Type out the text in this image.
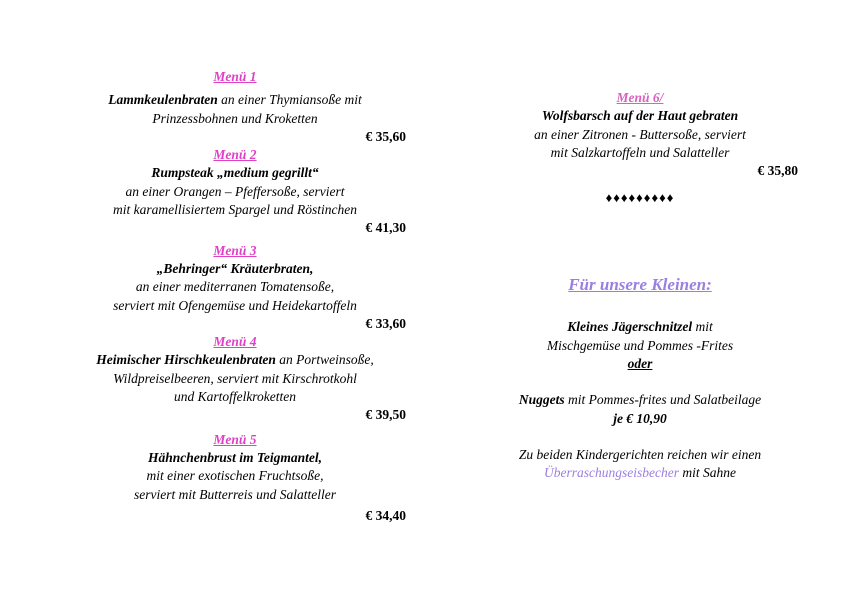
Menü 1
Lammkeulenbraten an einer Thymiansoße mit
Prinzessbohnen und Kroketten
€ 35,60
Menü 2
Rumpsteak „medium gegrillt“
an einer Orangen – Pfeffersoße, serviert
mit karamellisiertem Spargel und Röstinchen
€ 41,30
Menü 3
„Behringer“ Kräuterbraten,
an einer mediterranen Tomatensoße,
serviert mit Ofengemüse und Heidekartoffeln
€ 33,60
Menü 4
Heimischer Hirschkeulenbraten an Portweinsoße,
Wildpreiselbeeren, serviert mit Kirschrotkohl
und Kartoffelkroketten
€ 39,50
Menü 5
Hähnchenbrust im Teigmantel,
mit einer exotischen Fruchtsoße,
serviert mit Butterreis und Salatteller
€ 34,40
Menü 6/
Wolfsbarsch auf der Haut gebraten
an einer Zitronen - Buttersoße, serviert
mit Salzkartoffeln und Salatteller
€ 35,80
♦♦♦♦♦♦♦♦♦
Für unsere Kleinen:
Kleines Jägerschnitzel mit
Mischgemüse und Pommes -Frites
oder
Nuggets mit Pommes-frites und Salatbeilage
je € 10,90
Zu beiden Kindergerichten reichen wir einen
Überraschungseisbecher mit Sahne
